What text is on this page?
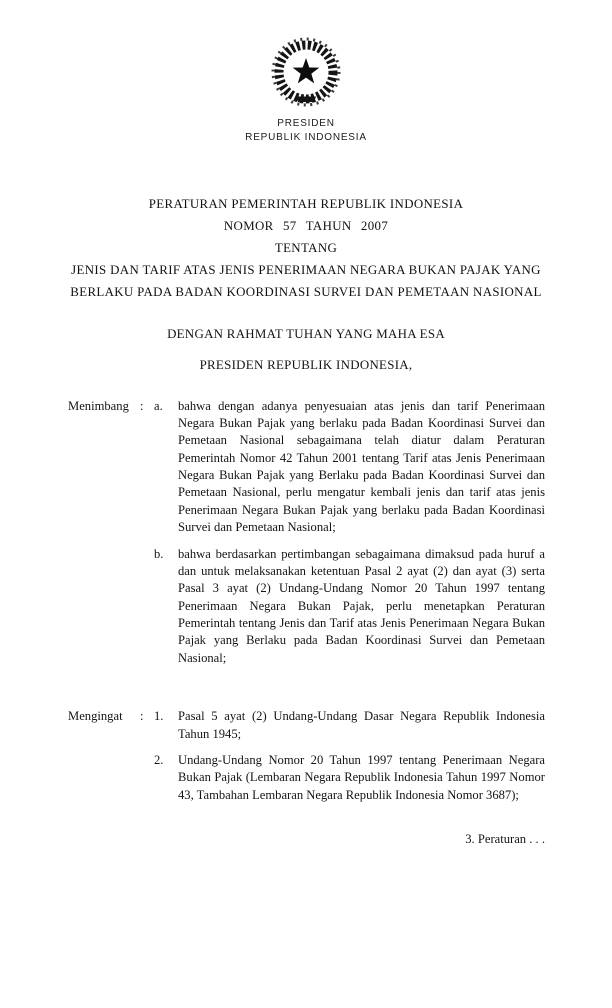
PRESIDEN
REPUBLIK INDONESIA
PERATURAN PEMERINTAH REPUBLIK INDONESIA
NOMOR 57 TAHUN 2007
TENTANG
JENIS DAN TARIF ATAS JENIS PENERIMAAN NEGARA BUKAN PAJAK YANG
BERLAKU PADA BADAN KOORDINASI SURVEI DAN PEMETAAN NASIONAL
DENGAN RAHMAT TUHAN YANG MAHA ESA
PRESIDEN REPUBLIK INDONESIA,
Menimbang : a.	bahwa dengan adanya penyesuaian atas jenis dan tarif Penerimaan Negara Bukan Pajak yang berlaku pada Badan Koordinasi Survei dan Pemetaan Nasional sebagaimana telah diatur dalam Peraturan Pemerintah Nomor 42 Tahun 2001 tentang Tarif atas Jenis Penerimaan Negara Bukan Pajak yang Berlaku pada Badan Koordinasi Survei dan Pemetaan Nasional, perlu mengatur kembali jenis dan tarif atas jenis Penerimaan Negara Bukan Pajak yang berlaku pada Badan Koordinasi Survei dan Pemetaan Nasional;
b.	bahwa berdasarkan pertimbangan sebagaimana dimaksud pada huruf a dan untuk melaksanakan ketentuan Pasal 2 ayat (2) dan ayat (3) serta Pasal 3 ayat (2) Undang-Undang Nomor 20 Tahun 1997 tentang Penerimaan Negara Bukan Pajak, perlu menetapkan Peraturan Pemerintah tentang Jenis dan Tarif atas Jenis Penerimaan Negara Bukan Pajak yang Berlaku pada Badan Koordinasi Survei dan Pemetaan Nasional;
Mengingat	: 1.	Pasal 5 ayat (2) Undang-Undang Dasar Negara Republik Indonesia Tahun 1945;
2.	Undang-Undang Nomor 20 Tahun 1997 tentang Penerimaan Negara Bukan Pajak (Lembaran Negara Republik Indonesia Tahun 1997 Nomor 43, Tambahan Lembaran Negara Republik Indonesia Nomor 3687);
3. Peraturan . . .
